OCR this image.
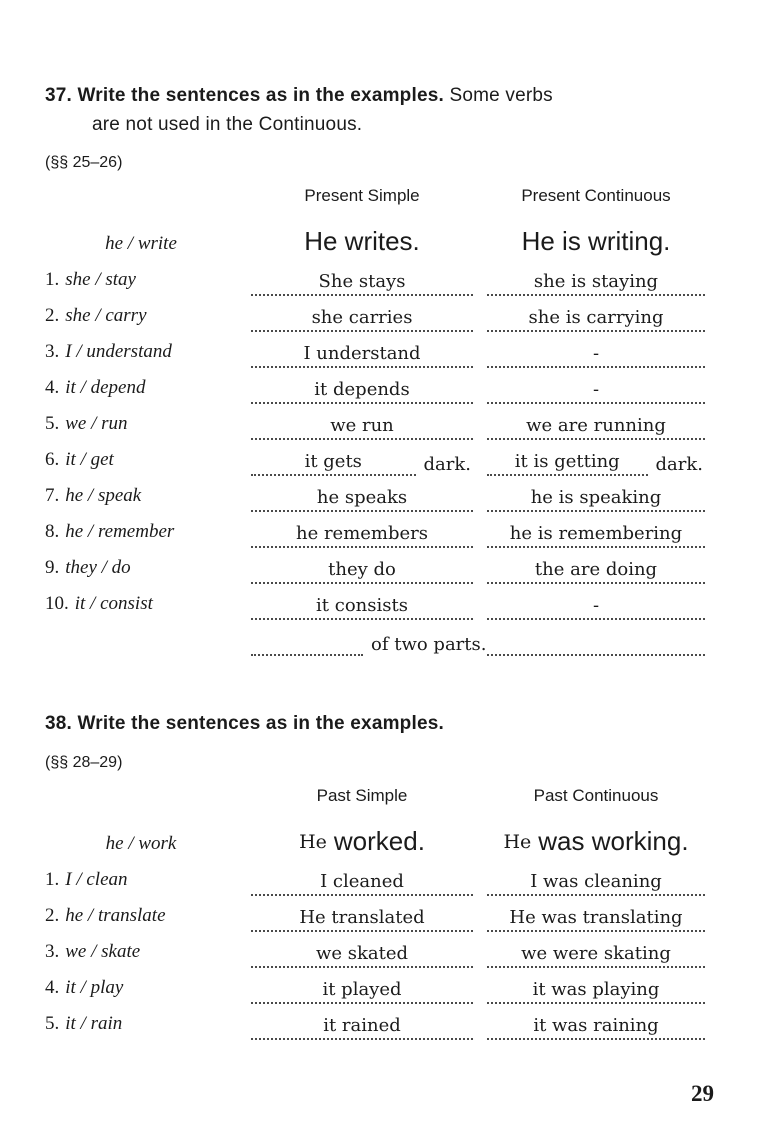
37. Write the sentences as in the examples. Some verbs
are not used in the Continuous.
(§§ 25–26)
Present Simple	Present Continuous
he / write	He writes.	He is writing.
1. she / stay	She stays	she is staying
2. she / carry	she carries	she is carrying
3. I / understand	I understand	-
4. it / depend	it depends	-
5. we / run	we run	we are running
6. it / get	it gets	dark.	it is getting	dark.
7. he / speak	he speaks	he is speaking
8. he / remember	he remembers	he is remembering
9. they / do	they do	the are doing
10. it / consist	it consists	-
of two parts.
38. Write the sentences as in the examples.
(§§ 28–29)
Past Simple	Past Continuous
he / work	He worked.	He was working.
1. I / clean	I cleaned	I was cleaning
2. he / translate	He translated	He was translating
3. we / skate	we skated	we were skating
4. it / play	it played	it was playing
5. it / rain	it rained	it was raining
29
